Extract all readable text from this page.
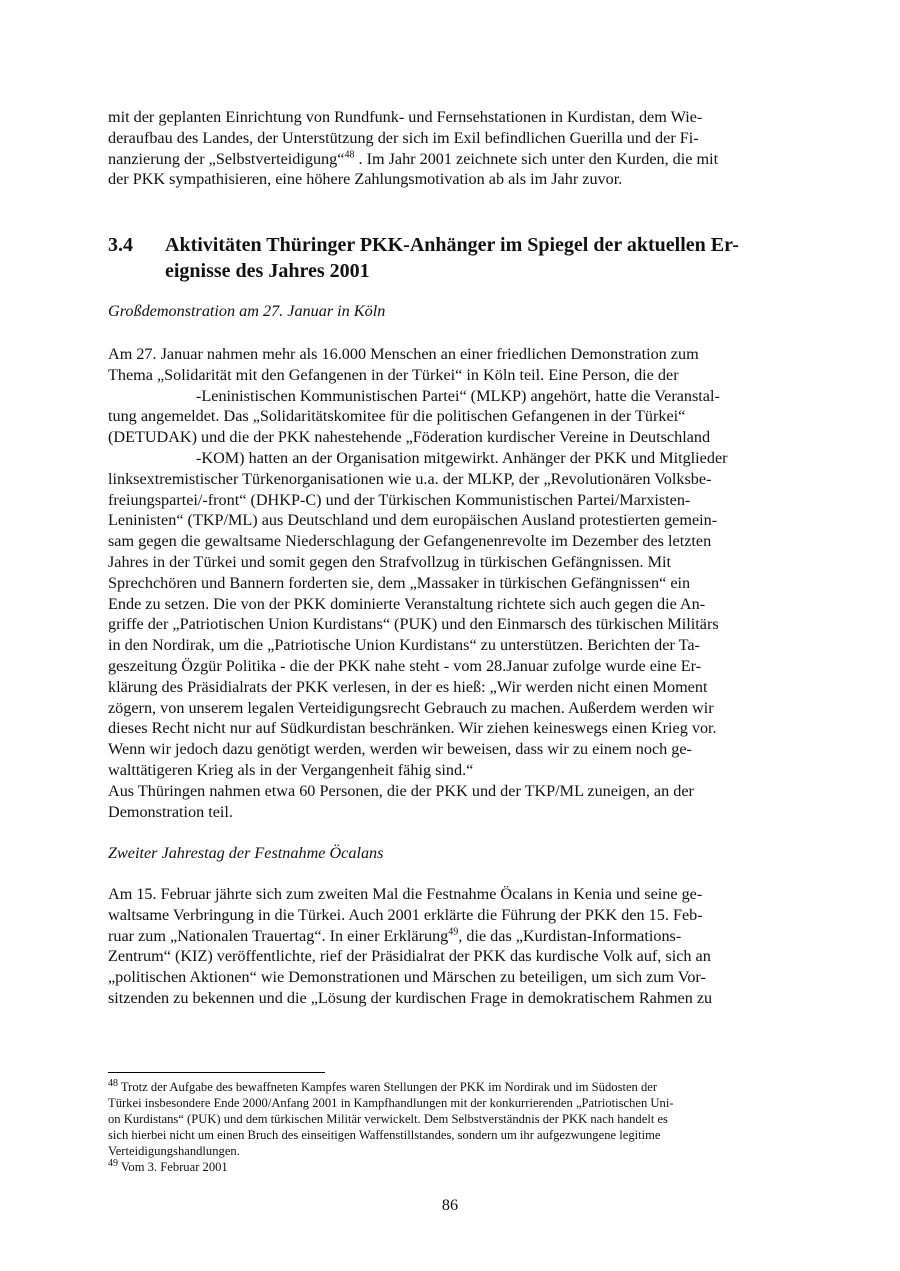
mit der geplanten Einrichtung von Rundfunk- und Fernsehstationen in Kurdistan, dem Wie-
deraufbau des Landes, der Unterstützung der sich im Exil befindlichen Guerilla und der Fi-
nanzierung der „Selbstverteidigung“$^{48}$ . Im Jahr 2001 zeichnete sich unter den Kurden, die mit
der PKK sympathisieren, eine höhere Zahlungsmotivation ab als im Jahr zuvor.
3.4 Aktivitäten Thüringer PKK-Anhänger im Spiegel der aktuellen Er-
eignisse des Jahres 2001
Großdemonstration am 27. Januar in Köln
Am 27. Januar nahmen mehr als 16.000 Menschen an einer friedlichen Demonstration zum
Thema „Solidarität mit den Gefangenen in der Türkei“ in Köln teil. Eine Person, die der
-Leninistischen Kommunistischen Partei“ (MLKP) angehört, hatte die Veranstal-
tung angemeldet. Das „Solidaritätskomitee für die politischen Gefangenen in der Türkei“
(DETUDAK) und die der PKK nahestehende „Föderation kurdischer Vereine in Deutschland
-KOM) hatten an der Organisation mitgewirkt. Anhänger der PKK und Mitglieder
linksextremistischer Türkenorganisationen wie u.a. der MLKP, der „Revolutionären Volksbe-
freiungspartei/-front“ (DHKP-C) und der Türkischen Kommunistischen Partei/Marxisten-
Leninisten“ (TKP/ML) aus Deutschland und dem europäischen Ausland protestierten gemein-
sam gegen die gewaltsame Niederschlagung der Gefangenenrevolte im Dezember des letzten
Jahres in der Türkei und somit gegen den Strafvollzug in türkischen Gefängnissen. Mit
Sprechchören und Bannern forderten sie, dem „Massaker in türkischen Gefängnissen“ ein
Ende zu setzen. Die von der PKK dominierte Veranstaltung richtete sich auch gegen die An-
griffe der „Patriotischen Union Kurdistans“ (PUK) und den Einmarsch des türkischen Militärs
in den Nordirak, um die „Patriotische Union Kurdistans“ zu unterstützen. Berichten der Ta-
geszeitung Özgür Politika - die der PKK nahe steht - vom 28.Januar zufolge wurde eine Er-
klärung des Präsidialrats der PKK verlesen, in der es hieß: „Wir werden nicht einen Moment
zögern, von unserem legalen Verteidigungsrecht Gebrauch zu machen. Außerdem werden wir
dieses Recht nicht nur auf Südkurdistan beschränken. Wir ziehen keineswegs einen Krieg vor.
Wenn wir jedoch dazu genötigt werden, werden wir beweisen, dass wir zu einem noch ge-
walttätigeren Krieg als in der Vergangenheit fähig sind.“
Aus Thüringen nahmen etwa 60 Personen, die der PKK und der TKP/ML zuneigen, an der
Demonstration teil.
Zweiter Jahrestag der Festnahme Öcalans
Am 15. Februar jährte sich zum zweiten Mal die Festnahme Öcalans in Kenia und seine ge-
waltsame Verbringung in die Türkei. Auch 2001 erklärte die Führung der PKK den 15. Feb-
ruar zum „Nationalen Trauertag“. In einer Erklärung$^{49}$, die das „Kurdistan-Informations-
Zentrum“ (KIZ) veröffentlichte, rief der Präsidialrat der PKK das kurdische Volk auf, sich an
„politischen Aktionen“ wie Demonstrationen und Märschen zu beteiligen, um sich zum Vor-
sitzenden zu bekennen und die „Lösung der kurdischen Frage in demokratischem Rahmen zu
$^{48}$ Trotz der Aufgabe des bewaffneten Kampfes waren Stellungen der PKK im Nordirak und im Südosten der
Türkei insbesondere Ende 2000/Anfang 2001 in Kampfhandlungen mit der konkurrierenden „Patriotischen Uni-
on Kurdistans“ (PUK) und dem türkischen Militär verwickelt. Dem Selbstverständnis der PKK nach handelt es
sich hierbei nicht um einen Bruch des einseitigen Waffenstillstandes, sondern um ihr aufgezwungene legitime
Verteidigungshandlungen.
$^{49}$ Vom 3. Februar 2001
86
